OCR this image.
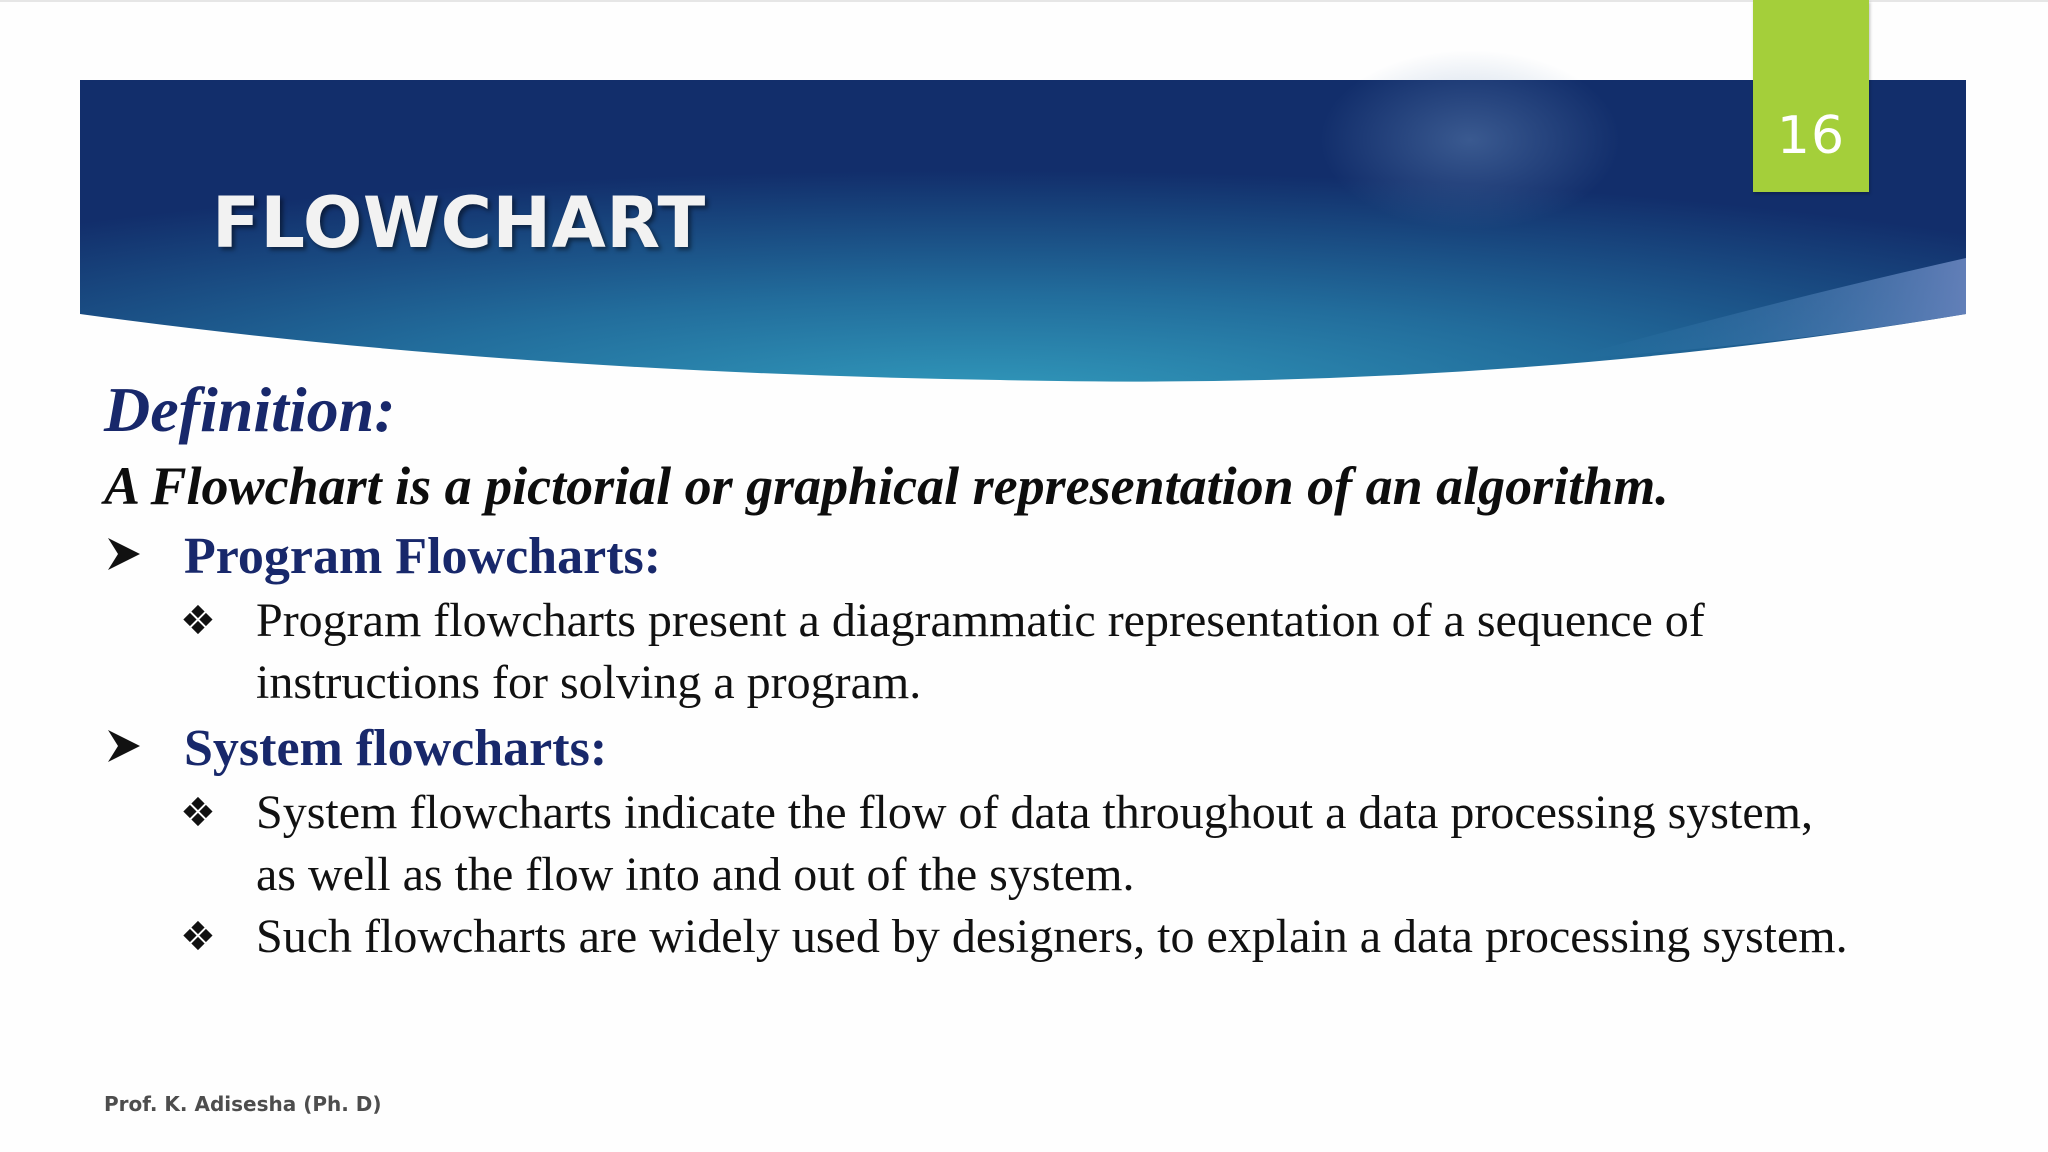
FLOWCHART
16
Definition:
A Flowchart is a pictorial or graphical representation of an algorithm.
Program Flowcharts:
❖ Program flowcharts present a diagrammatic representation of a sequence of instructions for solving a program.
System flowcharts:
❖ System flowcharts indicate the flow of data throughout a data processing system, as well as the flow into and out of the system.
❖ Such flowcharts are widely used by designers, to explain a data processing system.
Prof. K. Adisesha (Ph. D)
